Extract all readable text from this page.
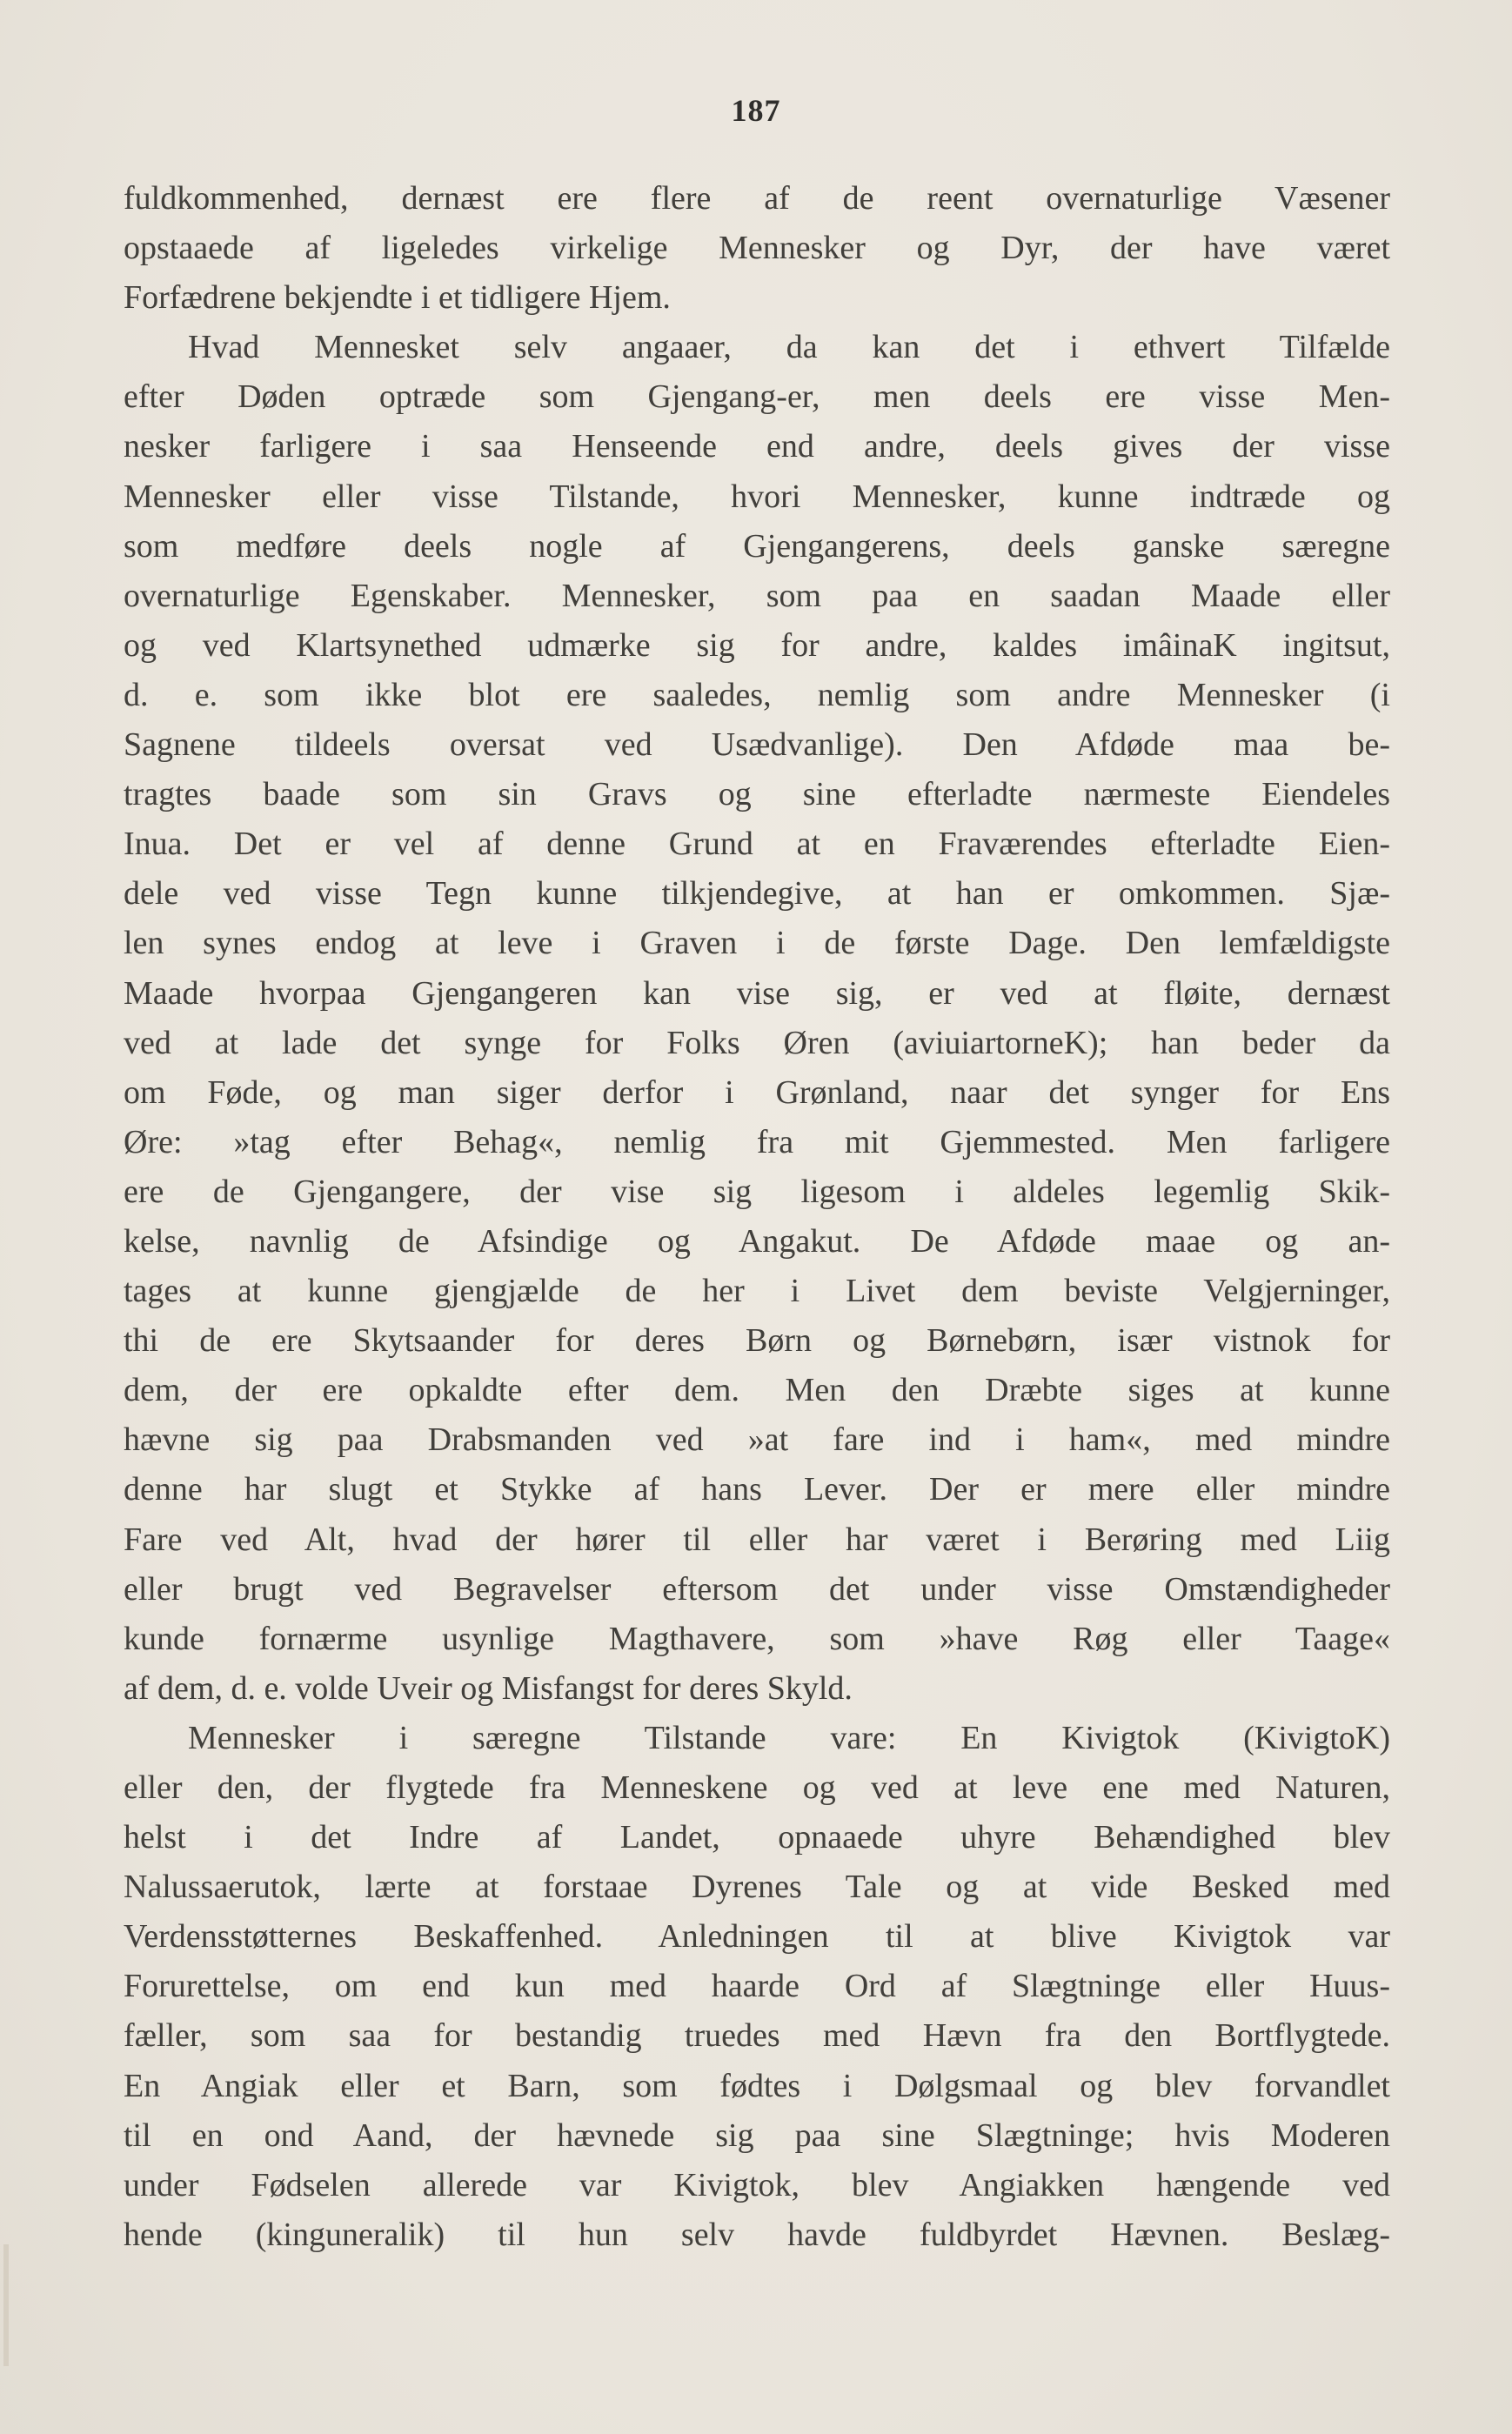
187
fuldkommenhed, dernæst ere flere af de reent overnaturlige Væsener
opstaaede af ligeledes virkelige Mennesker og Dyr, der have været
Forfædrene bekjendte i et tidligere Hjem.
Hvad Mennesket selv angaaer, da kan det i ethvert Tilfælde
efter Døden optræde som Gjengang-er, men deels ere visse Men-
nesker farligere i saa Henseende end andre, deels gives der visse
Mennesker eller visse Tilstande, hvori Mennesker, kunne indtræde og
som medføre deels nogle af Gjengangerens, deels ganske særegne
overnaturlige Egenskaber. Mennesker, som paa en saadan Maade eller
og ved Klartsynethed udmærke sig for andre, kaldes imâinaK ingitsut,
d. e. som ikke blot ere saaledes, nemlig som andre Mennesker (i
Sagnene tildeels oversat ved Usædvanlige). Den Afdøde maa be-
tragtes baade som sin Gravs og sine efterladte nærmeste Eiendeles
Inua. Det er vel af denne Grund at en Fraværendes efterladte Eien-
dele ved visse Tegn kunne tilkjendegive, at han er omkommen. Sjæ-
len synes endog at leve i Graven i de første Dage. Den lemfældigste
Maade hvorpaa Gjengangeren kan vise sig, er ved at fløite, dernæst
ved at lade det synge for Folks Øren (aviuiartorneK); han beder da
om Føde, og man siger derfor i Grønland, naar det synger for Ens
Øre: »tag efter Behag«, nemlig fra mit Gjemmested. Men farligere
ere de Gjengangere, der vise sig ligesom i aldeles legemlig Skik-
kelse, navnlig de Afsindige og Angakut. De Afdøde maae og an-
tages at kunne gjengjælde de her i Livet dem beviste Velgjerninger,
thi de ere Skytsaander for deres Børn og Børnebørn, især vistnok for
dem, der ere opkaldte efter dem. Men den Dræbte siges at kunne
hævne sig paa Drabsmanden ved »at fare ind i ham«, med mindre
denne har slugt et Stykke af hans Lever. Der er mere eller mindre
Fare ved Alt, hvad der hører til eller har været i Berøring med Liig
eller brugt ved Begravelser eftersom det under visse Omstændigheder
kunde fornærme usynlige Magthavere, som »have Røg eller Taage«
af dem, d. e. volde Uveir og Misfangst for deres Skyld.
Mennesker i særegne Tilstande vare: En Kivigtok (KivigtoK)
eller den, der flygtede fra Menneskene og ved at leve ene med Naturen,
helst i det Indre af Landet, opnaaede uhyre Behændighed blev
Nalussaerutok, lærte at forstaae Dyrenes Tale og at vide Besked med
Verdensstøtternes Beskaffenhed. Anledningen til at blive Kivigtok var
Forurettelse, om end kun med haarde Ord af Slægtninge eller Huus-
fæller, som saa for bestandig truedes med Hævn fra den Bortflygtede.
En Angiak eller et Barn, som fødtes i Dølgsmaal og blev forvandlet
til en ond Aand, der hævnede sig paa sine Slægtninge; hvis Moderen
under Fødselen allerede var Kivigtok, blev Angiakken hængende ved
hende (kinguneralik) til hun selv havde fuldbyrdet Hævnen. Beslæg-
